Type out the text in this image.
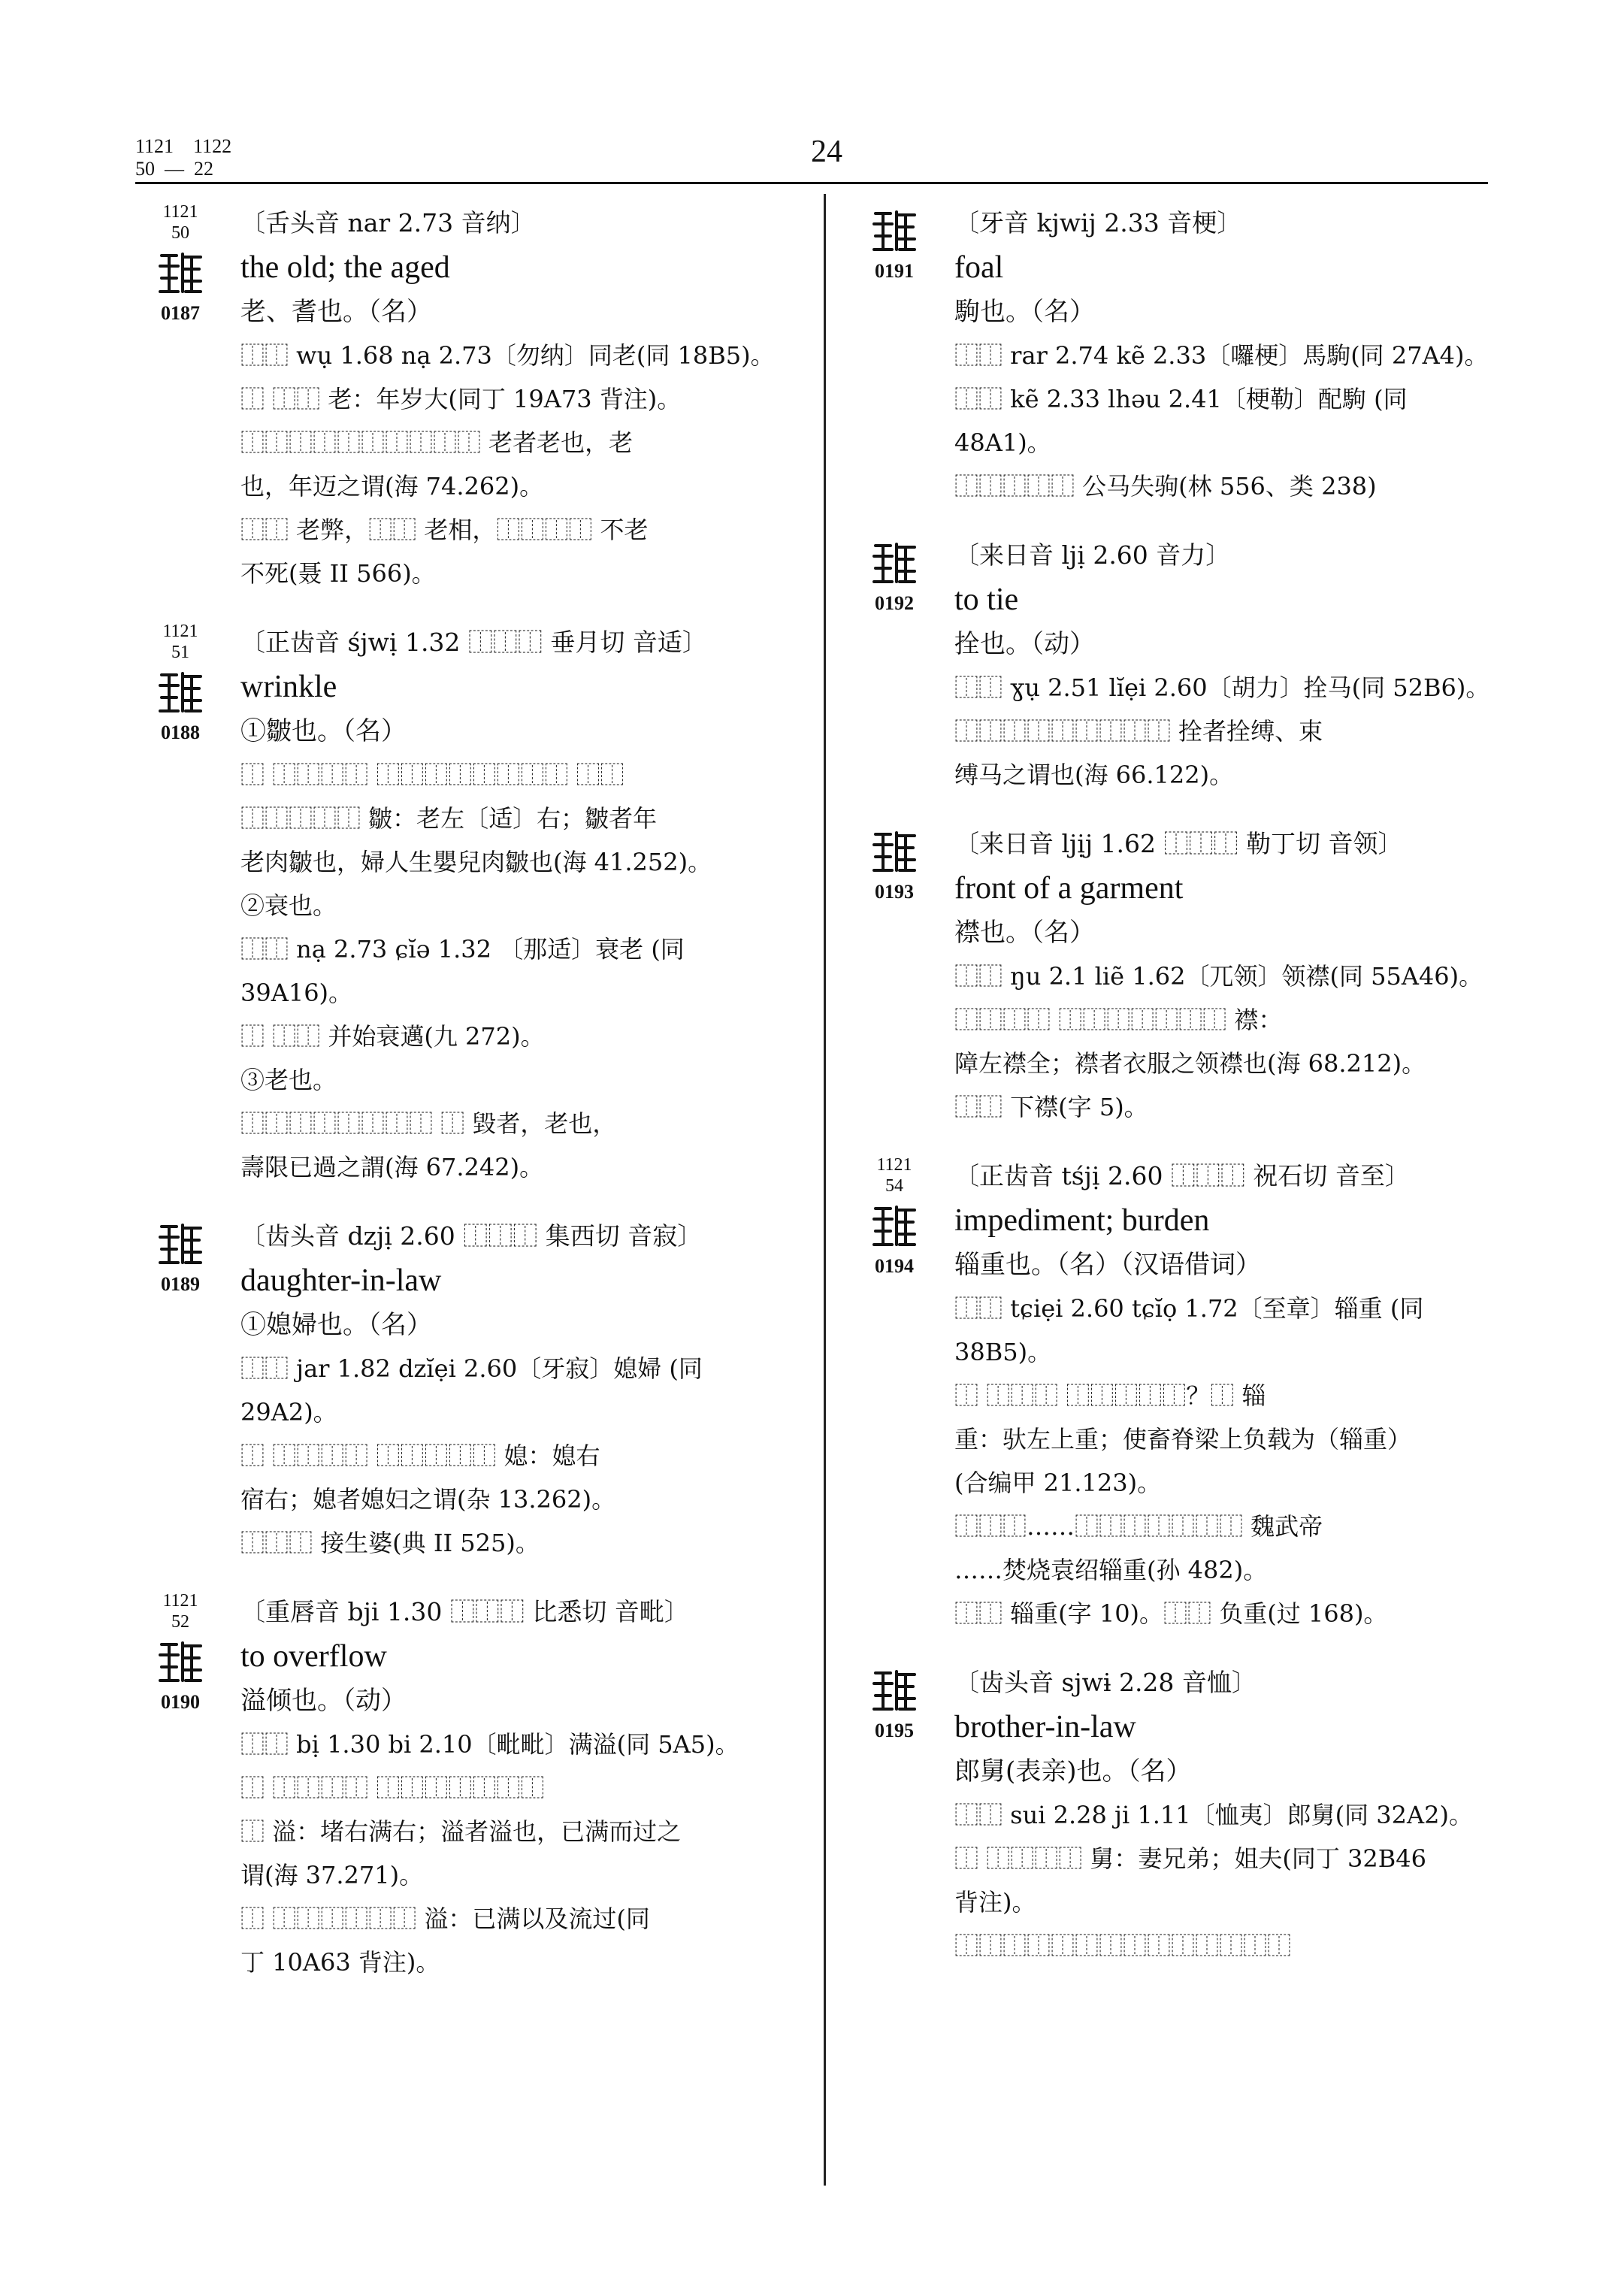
1121    1122
50  —  22	24
1121
50
0187
〔舌头音 nar 2.73 音纳〕
the old; the aged
老、耆也。（名）
⿰⿰ wụ 1.68 nạ 2.73〔勿纳〕同老(同 18B5)。
⿰ ⿰⿰ 老：年岁大(同丁 19A73 背注)。
⿰⿰⿰⿰⿰⿰⿰⿰⿰⿰ 老者老也，老
也，年迈之谓(海 74.262)。
⿰⿰ 老弊，⿰⿰ 老相，⿰⿰⿰⿰ 不老
不死(聂 II 566)。
1121
51
0188
〔正齿音 śjwị 1.32 ⿰⿰⿰ 垂月切 音适〕
wrinkle
①皺也。（名）
⿰ ⿰⿰⿰⿰ ⿰⿰⿰⿰⿰⿰⿰⿰ ⿰⿰
⿰⿰⿰⿰⿰ 皺：老左〔适〕右；皺者年
老肉皺也，婦人生嬰兒肉皺也(海 41.252)。
②衰也。
⿰⿰ nạ 2.73 ɕĭə 1.32 〔那适〕衰老 (同
39A16)。
⿰ ⿰⿰ 并始衰邁(九 272)。
③老也。
⿰⿰⿰⿰⿰⿰⿰⿰ ⿰ 毀者，老也，
壽限已過之謂(海 67.242)。
0189
〔齿头音 dzjị 2.60 ⿰⿰⿰ 集西切 音寂〕
daughter-in-law
①媳婦也。（名）
⿰⿰ jar 1.82 dzĭẹi 2.60〔牙寂〕媳婦 (同
29A2)。
⿰ ⿰⿰⿰⿰ ⿰⿰⿰⿰⿰ 媳：媳右
宿右；媳者媳妇之谓(杂 13.262)。
⿰⿰⿰ 接生婆(典 II 525)。
1121
52
0190
〔重唇音 bji 1.30 ⿰⿰⿰ 比悉切 音毗〕
to overflow
溢倾也。（动）
⿰⿰ bị 1.30 bi 2.10〔毗毗〕满溢(同 5A5)。
⿰ ⿰⿰⿰⿰ ⿰⿰⿰⿰⿰⿰⿰
⿰ 溢：堵右满右；溢者溢也，已满而过之
谓(海 37.271)。
⿰ ⿰⿰⿰⿰⿰⿰ 溢：已满以及流过(同
丁 10A63 背注)。
0191
〔牙音 kjwij 2.33 音梗〕
foal
駒也。（名）
⿰⿰ rar 2.74 kẽ 2.33〔囉梗〕馬駒(同 27A4)。
⿰⿰ kẽ 2.33 lhəu 2.41〔梗勒〕配駒 (同
48A1)。
⿰⿰⿰⿰⿰ 公马失驹(林 556、类 238)
0192
〔来日音 ljị 2.60 音力〕
to tie
拴也。（动）
⿰⿰ ɣụ 2.51 lĭẹi 2.60〔胡力〕拴马(同 52B6)。
⿰⿰⿰⿰⿰⿰⿰⿰⿰ 拴者拴缚、束
缚马之谓也(海 66.122)。
0193
〔来日音 ljịj 1.62 ⿰⿰⿰ 勒丁切 音领〕
front of a garment
襟也。（名）
⿰⿰ ŋu 2.1 liẽ 1.62〔兀领〕领襟(同 55A46)。
⿰⿰⿰⿰ ⿰⿰⿰⿰⿰⿰⿰ 襟：
障左襟全；襟者衣服之领襟也(海 68.212)。
⿰⿰ 下襟(字 5)。
1121
54
0194
〔正齿音 tśjị 2.60 ⿰⿰⿰ 祝石切 音至〕
impediment; burden
辎重也。（名）（汉语借词）
⿰⿰ tɕiẹi 2.60 tɕĭọ 1.72〔至章〕辎重 (同
38B5)。
⿰ ⿰⿰⿰ ⿰⿰⿰⿰⿰？⿰ 辎
重：驮左上重；使畜脊梁上负载为（辎重）
(合编甲 21.123)。
⿰⿰⿰……⿰⿰⿰⿰⿰⿰⿰ 魏武帝
……焚烧袁绍辎重(孙 482)。
⿰⿰ 辎重(字 10)。⿰⿰ 负重(过 168)。
0195
〔齿头音 sjwɨ 2.28 音恤〕
brother-in-law
郎舅(表亲)也。（名）
⿰⿰ sui 2.28 ji 1.11〔恤夷〕郎舅(同 32A2)。
⿰ ⿰⿰⿰⿰ 舅：妻兄弟；姐夫(同丁 32B46
背注)。
⿰⿰⿰⿰⿰⿰⿰⿰⿰⿰⿰⿰⿰⿰
